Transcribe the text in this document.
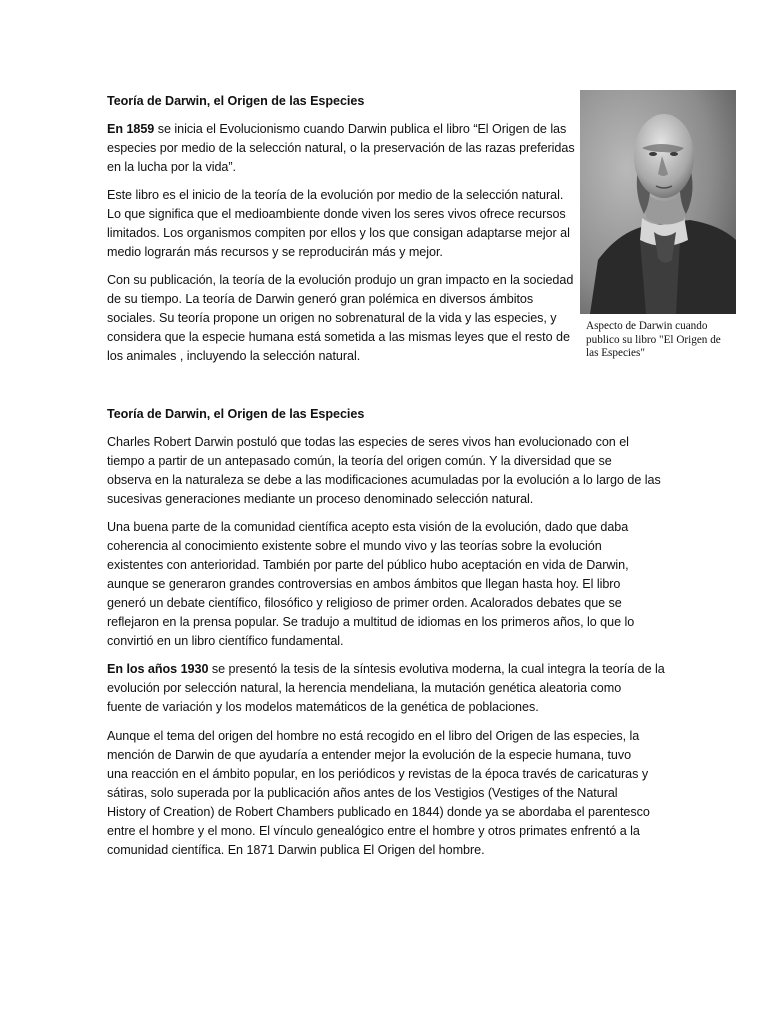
Teoría de Darwin, el Origen de las Especies

En 1859 se inicia el Evolucionismo cuando Darwin publica el libro “El Origen de las
especies por medio de la selección natural, o la preservación de las razas preferidas
en la lucha por la vida”.

Este libro es el inicio de la teoría de la evolución por medio de la selección natural.
Lo que significa que el medioambiente donde viven los seres vivos ofrece recursos
limitados. Los organismos compiten por ellos y los que consigan adaptarse mejor al
medio lograrán más recursos y se reproducirán más y mejor.

Con su publicación, la teoría de la evolución produjo un gran impacto en la sociedad
de su tiempo. La teoría de Darwin generó gran polémica en diversos ámbitos
sociales. Su teoría propone un origen no sobrenatural de la vida y las especies, y
considera que la especie humana está sometida a las mismas leyes que el resto de
los animales , incluyendo la selección natural.

Aspecto de Darwin cuando
publico su libro "El Origen de
las Especies"

Teoría de Darwin, el Origen de las Especies

Charles Robert Darwin postuló que todas las especies de seres vivos han evolucionado con el
tiempo a partir de un antepasado común, la teoría del origen común. Y la diversidad que se
observa en la naturaleza se debe a las modificaciones acumuladas por la evolución a lo largo de las
sucesivas generaciones mediante un proceso denominado selección natural.

Una buena parte de la comunidad científica acepto esta visión de la evolución, dado que daba
coherencia al conocimiento existente sobre el mundo vivo y las teorías sobre la evolución
existentes con anterioridad. También por parte del público hubo aceptación en vida de Darwin,
aunque se generaron grandes controversias en ambos ámbitos que llegan hasta hoy. El libro
generó un debate científico, filosófico y religioso de primer orden. Acalorados debates que se
reflejaron en la prensa popular. Se tradujo a multitud de idiomas en los primeros años, lo que lo
convirtió en un libro científico fundamental.

En los años 1930 se presentó la tesis de la síntesis evolutiva moderna, la cual integra la teoría de la
evolución por selección natural, la herencia mendeliana, la mutación genética aleatoria como
fuente de variación y los modelos matemáticos de la genética de poblaciones.

Aunque el tema del origen del hombre no está recogido en el libro del Origen de las especies, la
mención de Darwin de que ayudaría a entender mejor la evolución de la especie humana, tuvo
una reacción en el ámbito popular, en los periódicos y revistas de la época través de caricaturas y
sátiras, solo superada por la publicación años antes de los Vestigios (Vestiges of the Natural
History of Creation) de Robert Chambers publicado en 1844) donde ya se abordaba el parentesco
entre el hombre y el mono. El vínculo genealógico entre el hombre y otros primates enfrentó a la
comunidad científica. En 1871 Darwin publica El Origen del hombre.
